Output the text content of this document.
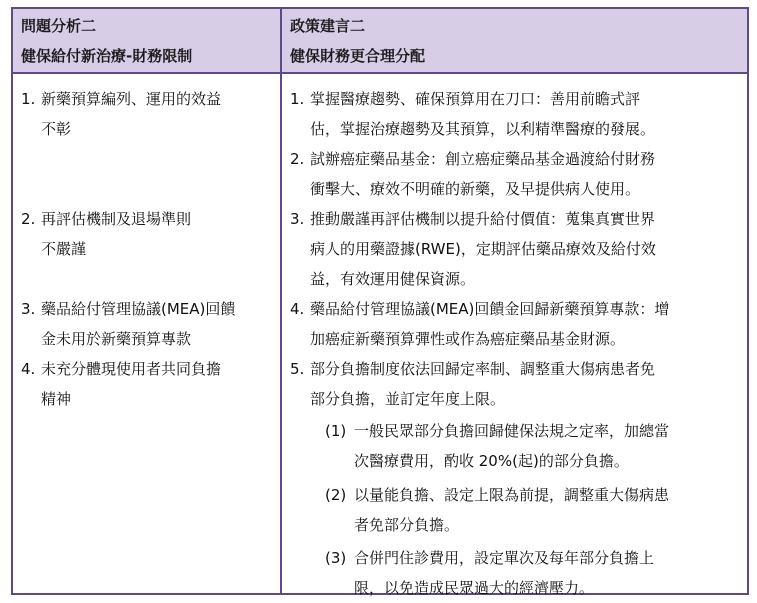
問題分析二
健保給付新治療-財務限制
政策建言二
健保財務更合理分配
1. 新藥預算編列、運用的效益
不彰
2. 再評估機制及退場準則
不嚴謹
3. 藥品給付管理協議(MEA)回饋
金未用於新藥預算專款
4. 未充分體現使用者共同負擔
精神
1. 掌握醫療趨勢、確保預算用在刀口：善用前瞻式評
估，掌握治療趨勢及其預算，以利精準醫療的發展。
2. 試辦癌症藥品基金：創立癌症藥品基金過渡給付財務
衝擊大、療效不明確的新藥，及早提供病人使用。
3. 推動嚴謹再評估機制以提升給付價值：蒐集真實世界
病人的用藥證據(RWE)，定期評估藥品療效及給付效
益，有效運用健保資源。
4. 藥品給付管理協議(MEA)回饋金回歸新藥預算專款：增
加癌症新藥預算彈性或作為癌症藥品基金財源。
5. 部分負擔制度依法回歸定率制、調整重大傷病患者免
部分負擔，並訂定年度上限。
(1) 一般民眾部分負擔回歸健保法規之定率，加總當
次醫療費用，酌收 20%(起)的部分負擔。
(2) 以量能負擔、設定上限為前提，調整重大傷病患
者免部分負擔。
(3) 合併門住診費用，設定單次及每年部分負擔上
限，以免造成民眾過大的經濟壓力。
